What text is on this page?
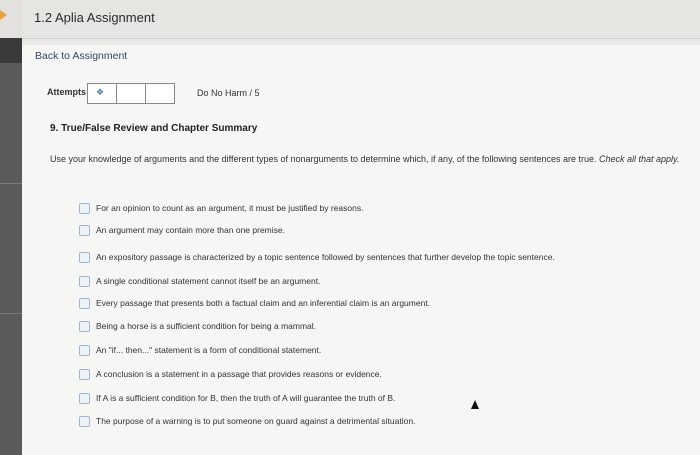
1.2 Aplia Assignment
Back to Assignment
Attempts ❖	Do No Harm / 5
9. True/False Review and Chapter Summary
Use your knowledge of arguments and the different types of nonarguments to determine which, if any, of the following sentences are true. Check all that apply.
For an opinion to count as an argument, it must be justified by reasons.
An argument may contain more than one premise.
An expository passage is characterized by a topic sentence followed by sentences that further develop the topic sentence.
A single conditional statement cannot itself be an argument.
Every passage that presents both a factual claim and an inferential claim is an argument.
Being a horse is a sufficient condition for being a mammal.
An "if... then..." statement is a form of conditional statement.
A conclusion is a statement in a passage that provides reasons or evidence.
If A is a sufficient condition for B, then the truth of A will guarantee the truth of B.
The purpose of a warning is to put someone on guard against a detrimental situation.
